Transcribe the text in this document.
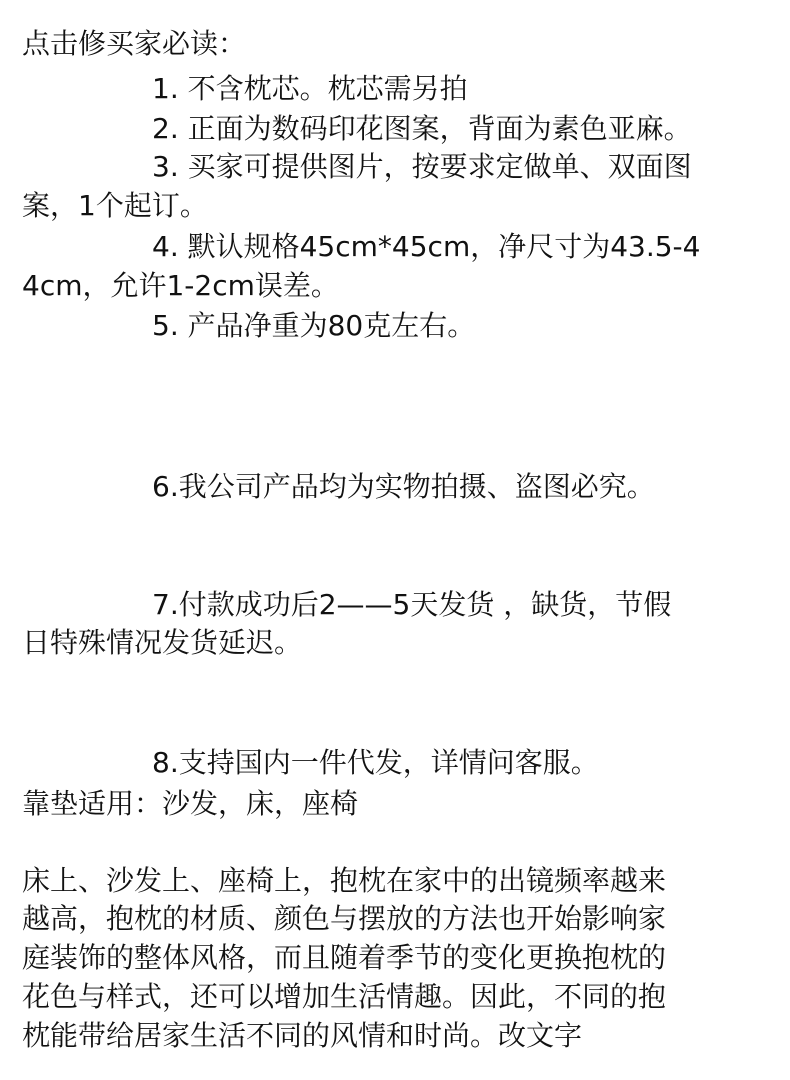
点击修买家必读：
1. 不含枕芯。枕芯需另拍
2. 正面为数码印花图案，背面为素色亚麻。
3. 买家可提供图片，按要求定做单、双面图
案，1个起订。
4. 默认规格45cm*45cm，净尺寸为43.5-4
4cm，允许1-2cm误差。
5. 产品净重为80克左右。
6.我公司产品均为实物拍摄、盗图必究。
7.付款成功后2——5天发货 ，缺货，节假
日特殊情况发货延迟。
8.支持国内一件代发，详情问客服。
靠垫适用：沙发，床，座椅
床上、沙发上、座椅上，抱枕在家中的出镜频率越来
越高，抱枕的材质、颜色与摆放的方法也开始影响家
庭装饰的整体风格，而且随着季节的变化更换抱枕的
花色与样式，还可以增加生活情趣。因此，不同的抱
枕能带给居家生活不同的风情和时尚。改文字
